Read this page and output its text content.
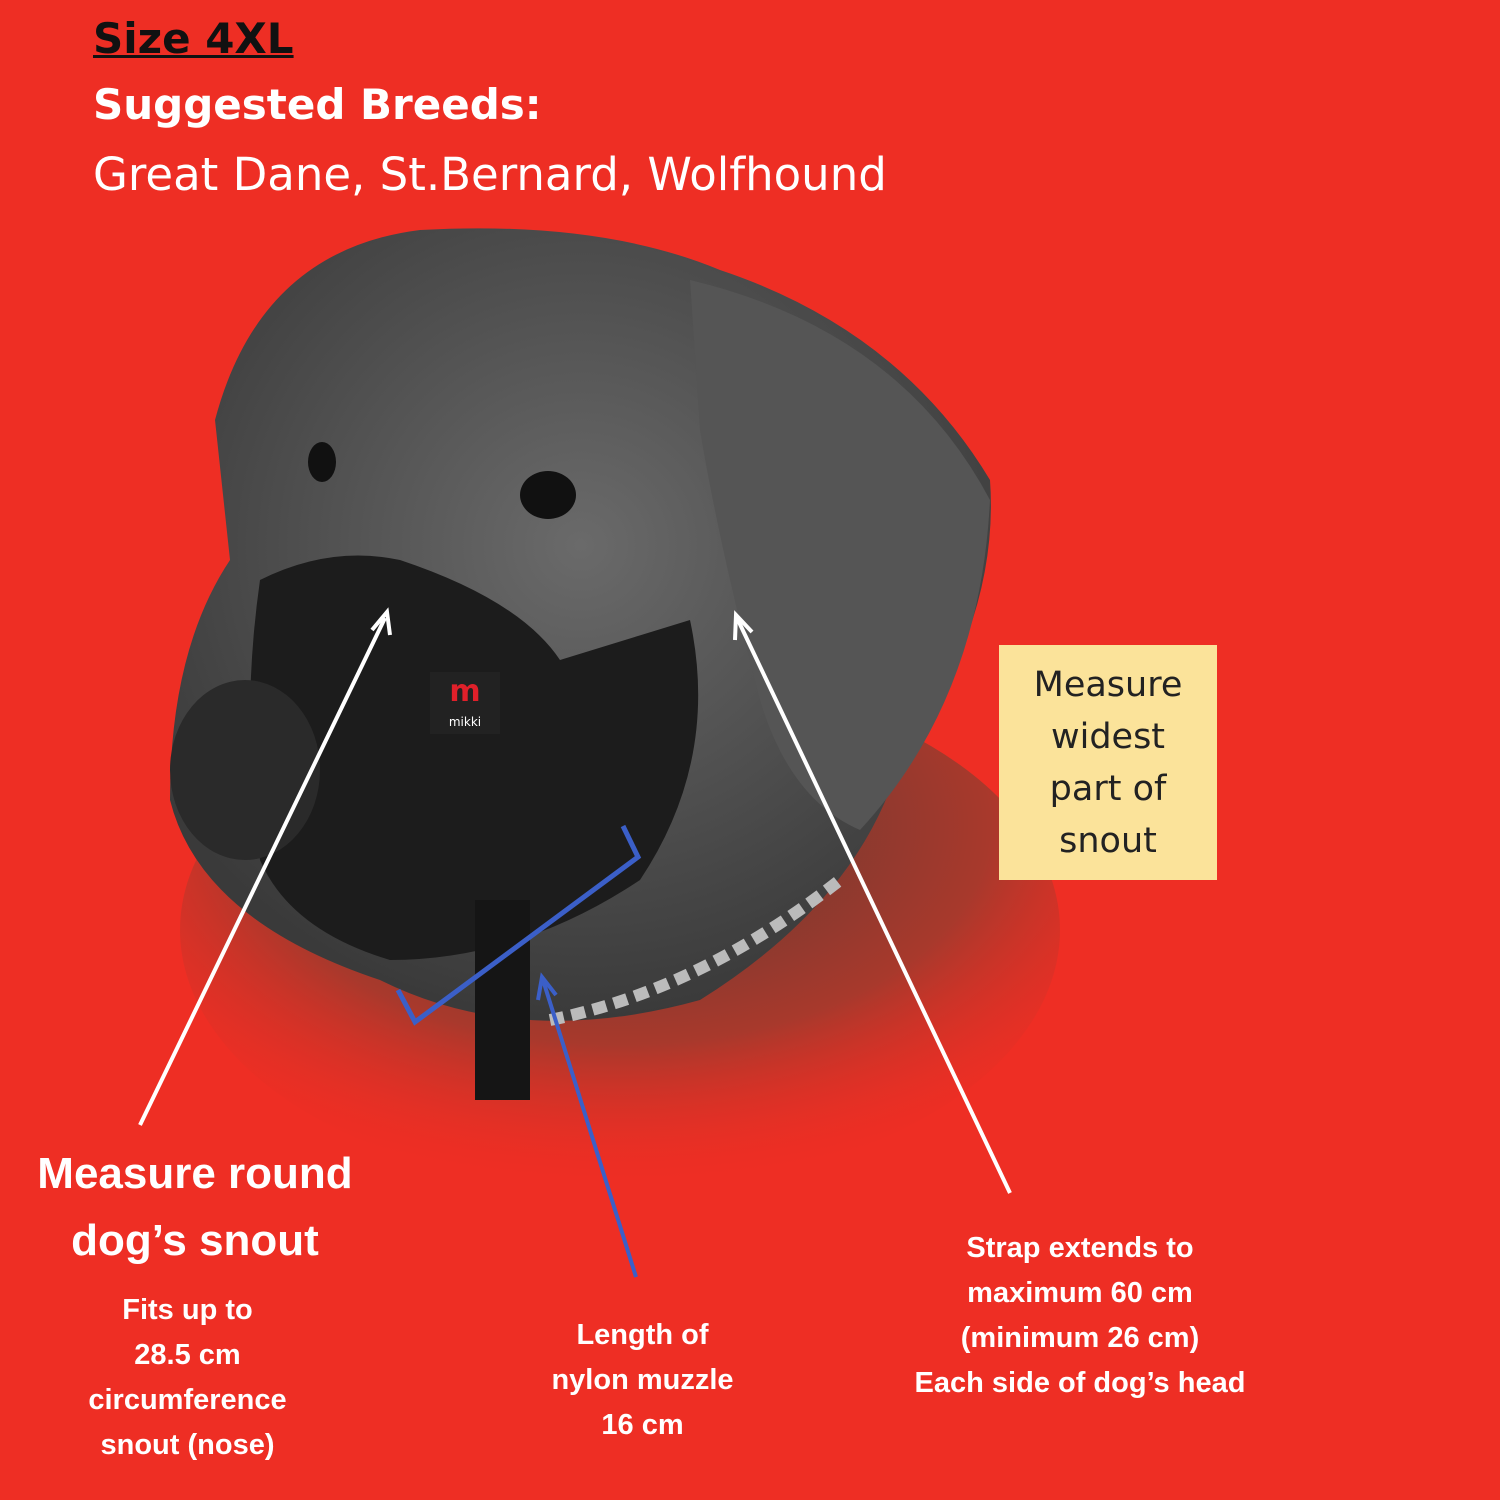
m
mikki
Size 4XL
Suggested Breeds:
Great Dane, St.Bernard, Wolfhound
Measure
widest
part of
snout
Measure round
dog’s snout
Fits up to
28.5 cm
circumference
snout (nose)
Length of
nylon muzzle
16 cm
Strap extends to
maximum 60 cm
(minimum 26 cm)
Each side of dog’s head
